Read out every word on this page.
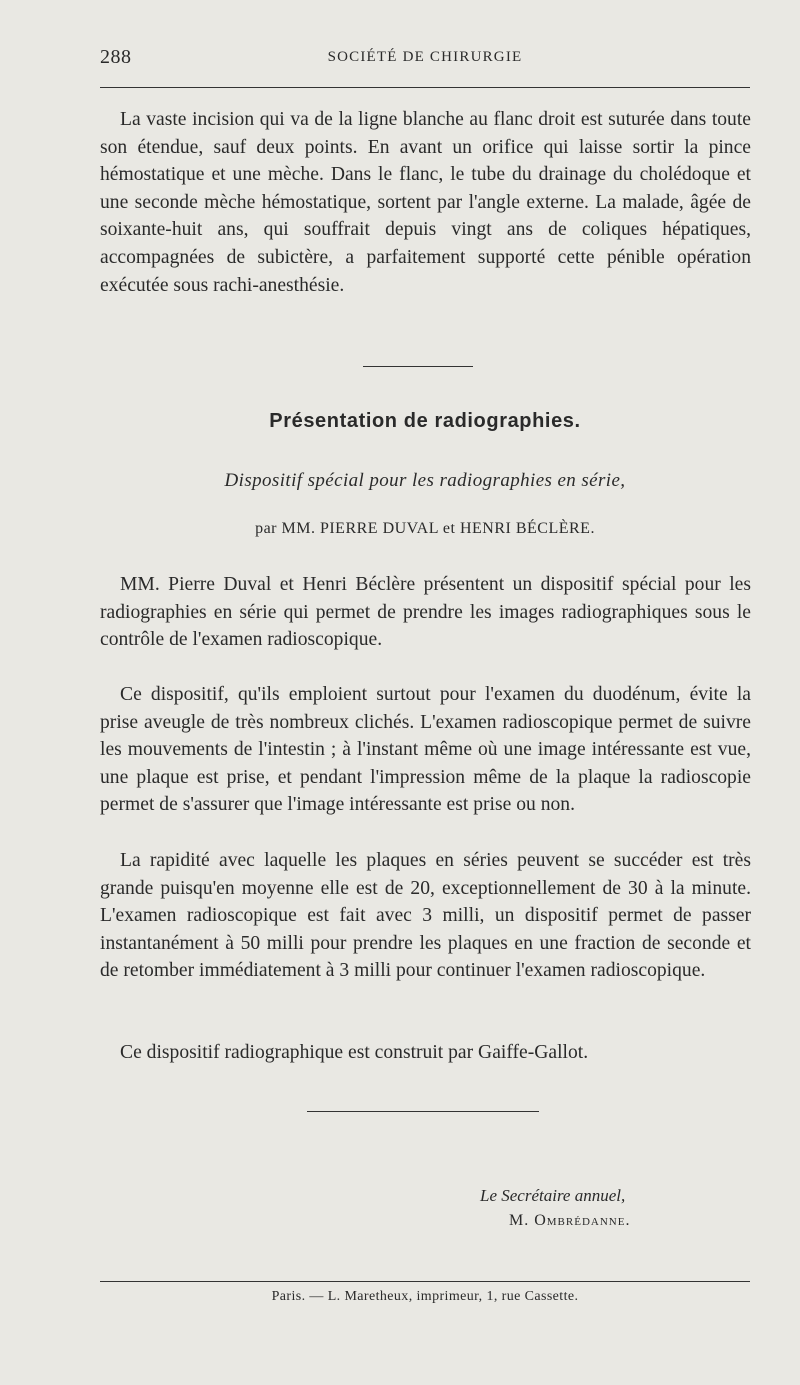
288	SOCIÉTÉ DE CHIRURGIE

La vaste incision qui va de la ligne blanche au flanc droit est suturée dans toute son étendue, sauf deux points. En avant un orifice qui laisse sortir la pince hémostatique et une mèche. Dans le flanc, le tube du drainage du cholédoque et une seconde mèche hémostatique, sortent par l'angle externe. La malade, âgée de soixante-huit ans, qui souffrait depuis vingt ans de coliques hépatiques, accompagnées de subictère, a parfaitement supporté cette pénible opération exécutée sous rachi-anesthésie.

Présentation de radiographies.
Dispositif spécial pour les radiographies en série,
par MM. PIERRE DUVAL et HENRI BÉCLÈRE.

MM. Pierre Duval et Henri Béclère présentent un dispositif spécial pour les radiographies en série qui permet de prendre les images radiographiques sous le contrôle de l'examen radioscopique.

Ce dispositif, qu'ils emploient surtout pour l'examen du duodénum, évite la prise aveugle de très nombreux clichés. L'examen radioscopique permet de suivre les mouvements de l'intestin ; à l'instant même où une image intéressante est vue, une plaque est prise, et pendant l'impression même de la plaque la radioscopie permet de s'assurer que l'image intéressante est prise ou non.

La rapidité avec laquelle les plaques en séries peuvent se succéder est très grande puisqu'en moyenne elle est de 20, exceptionnellement de 30 à la minute. L'examen radioscopique est fait avec 3 milli, un dispositif permet de passer instantanément à 50 milli pour prendre les plaques en une fraction de seconde et de retomber immédiatement à 3 milli pour continuer l'examen radioscopique.

Ce dispositif radiographique est construit par Gaiffe-Gallot.

Le Secrétaire annuel,
M. Ombrédanne.
Paris. — L. Maretheux, imprimeur, 1, rue Cassette.
